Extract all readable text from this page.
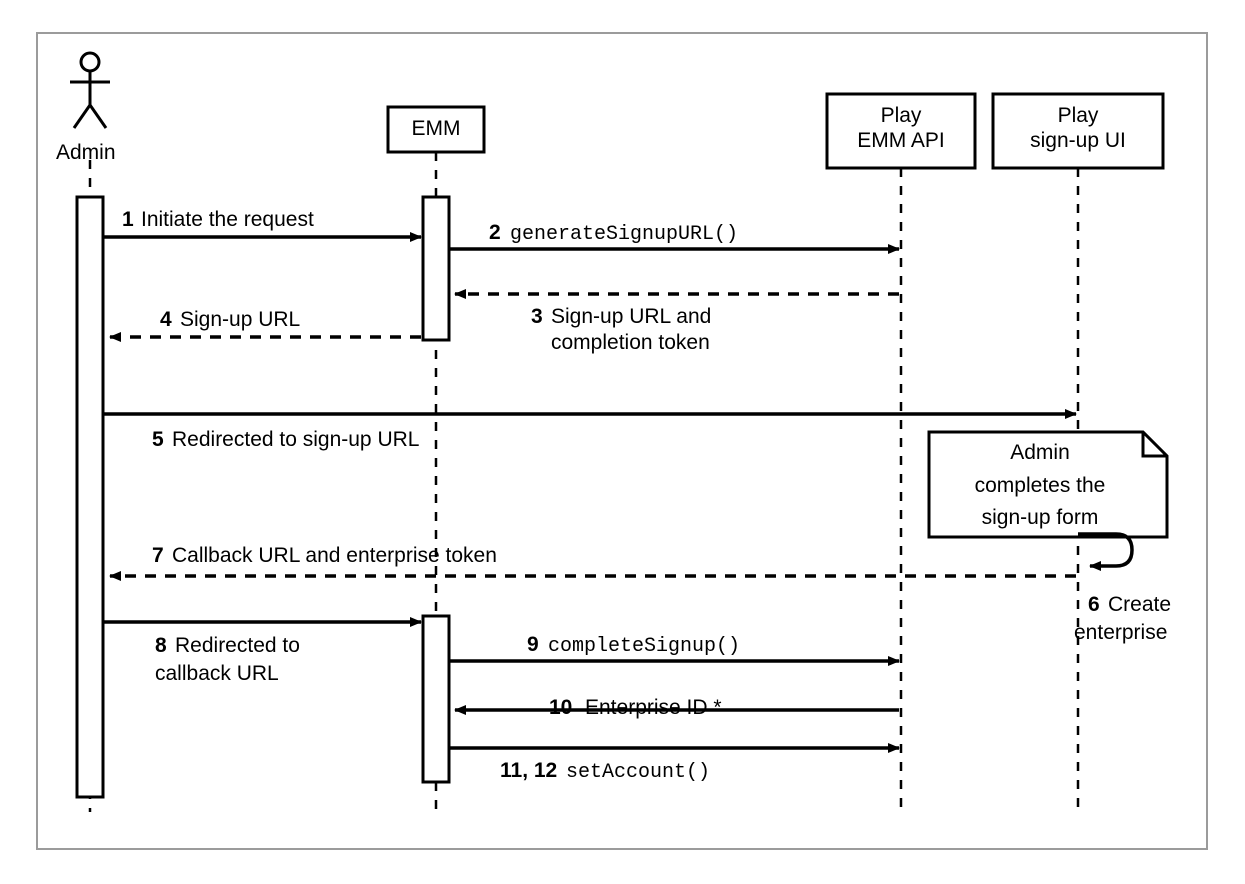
Admin
EMM
Play
EMM API
Play
sign-up UI
1 Initiate the request
2 generateSignupURL()
3 Sign-up URL and
completion token
4 Sign-up URL
5 Redirected to sign-up URL
Admin
completes the
sign-up form
6 Create
enterprise
7 Callback URL and enterprise token
8 Redirected to
callback URL
9 completeSignup()
10 Enterprise ID *
11, 12 setAccount()
